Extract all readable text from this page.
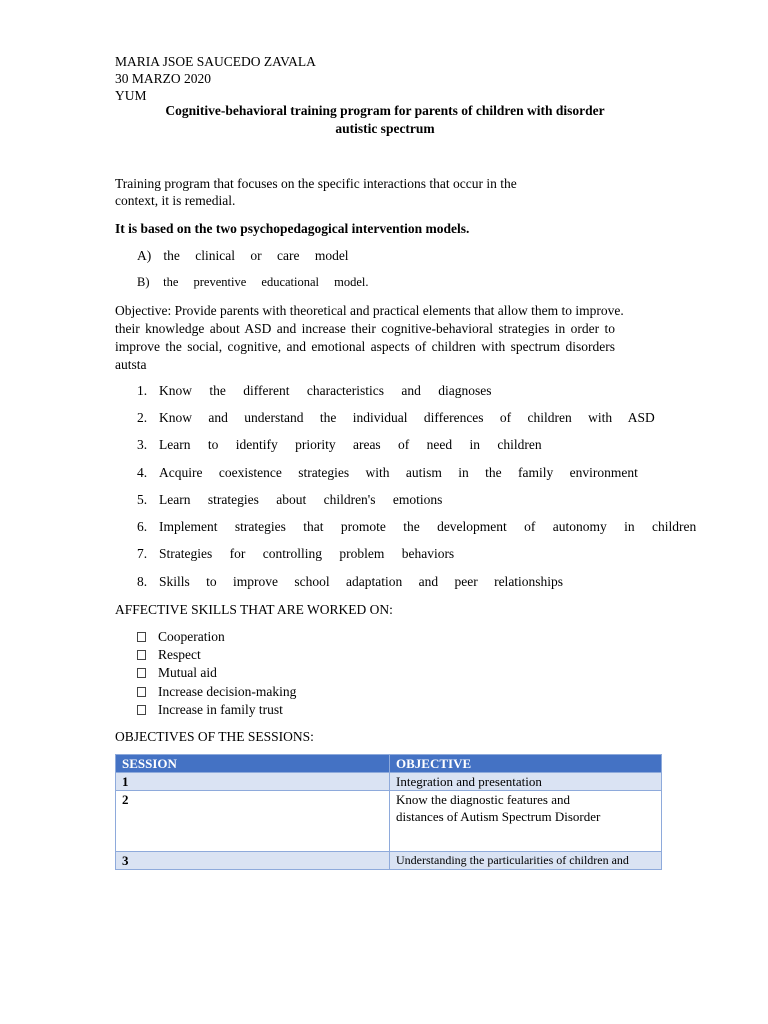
MARIA JSOE SAUCEDO ZAVALA
30 MARZO 2020
YUM
Cognitive-behavioral training program for parents of children with disorder
autistic spectrum
Training program that focuses on the specific interactions that occur in the
context, it is remedial.
It is based on the two psychopedagogical intervention models.
A) the clinical or care model
B) the preventive educational model.
Objective: Provide parents with theoretical and practical elements that allow them to improve.
their knowledge about ASD and increase their cognitive-behavioral strategies in order to
improve the social, cognitive, and emotional aspects of children with spectrum disorders
autsta
1. Know the different characteristics and diagnoses
2. Know and understand the individual differences of children with ASD
3. Learn to identify priority areas of need in children
4. Acquire coexistence strategies with autism in the family environment
5. Learn strategies about children's emotions
6. Implement strategies that promote the development of autonomy in children
7. Strategies for controlling problem behaviors
8. Skills to improve school adaptation and peer relationships
AFFECTIVE SKILLS THAT ARE WORKED ON:
Cooperation
Respect
Mutual aid
Increase decision-making
Increase in family trust
OBJECTIVES OF THE SESSIONS:
SESSION	OBJECTIVE
1	Integration and presentation

2	Know the diagnostic features and
distances of Autism Spectrum Disorder

3	Understanding the particularities of children and
